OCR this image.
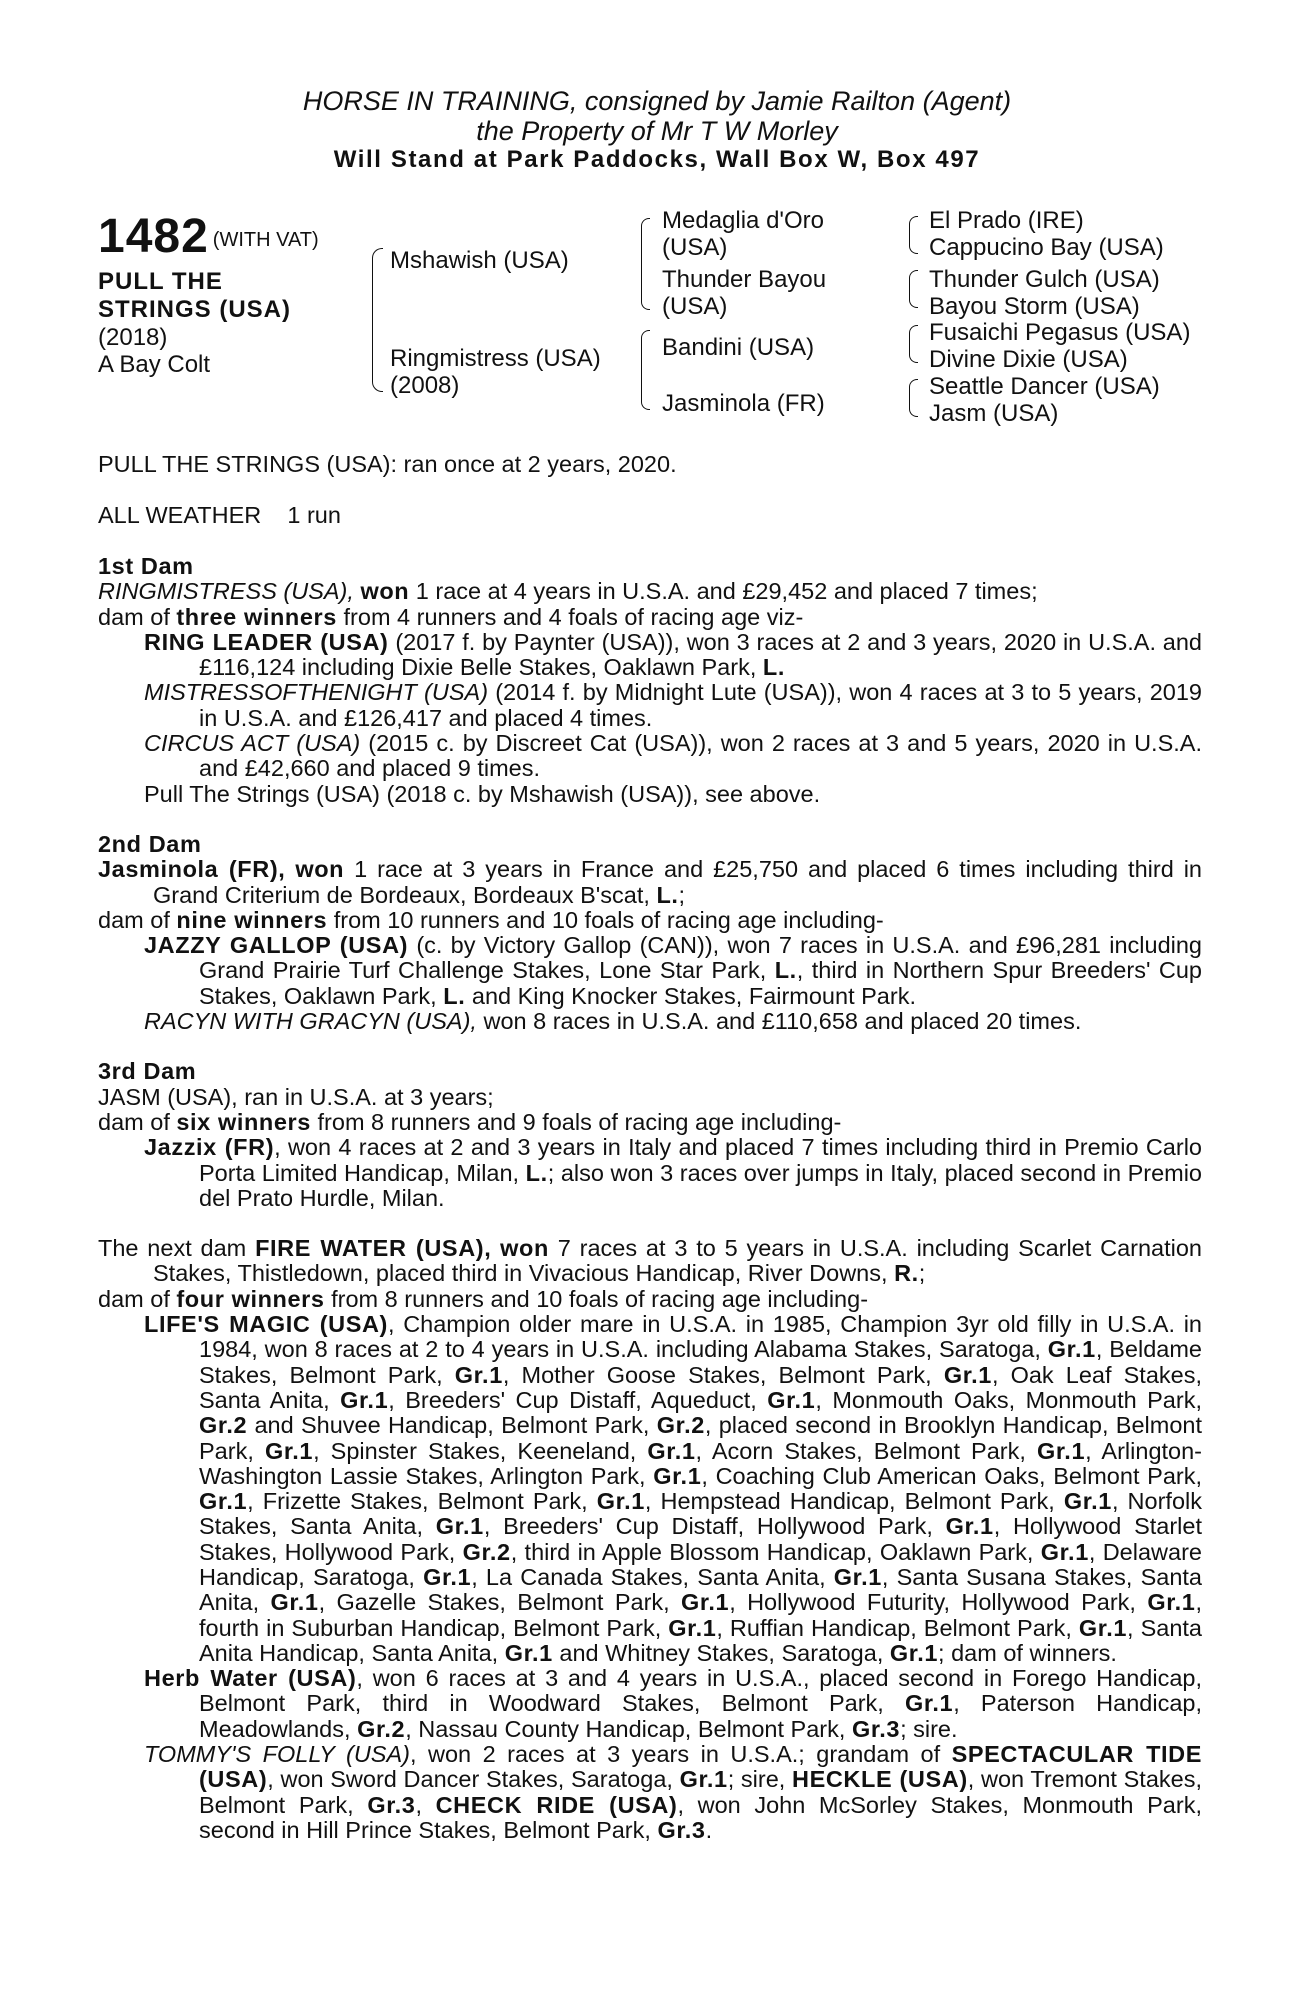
HORSE IN TRAINING, consigned by Jamie Railton (Agent)
the Property of Mr T W Morley
Will Stand at Park Paddocks, Wall Box W, Box 497
1482 $^{(WITH VAT)}$
PULL THE
STRINGS (USA)
(2018)
A Bay Colt
Mshawish (USA)
Ringmistress (USA)
(2008)
Medaglia d'Oro
(USA)
Thunder Bayou
(USA)
Bandini (USA)
Jasminola (FR)
El Prado (IRE)
Cappucino Bay (USA)
Thunder Gulch (USA)
Bayou Storm (USA)
Fusaichi Pegasus (USA)
Divine Dixie (USA)
Seattle Dancer (USA)
Jasm (USA)

PULL THE STRINGS (USA): ran once at 2 years, 2020.

ALL WEATHER 1 run

1st Dam

RINGMISTRESS (USA), won 1 race at 4 years in U.S.A. and £29,452 and placed 7 times;

dam of three winners from 4 runners and 4 foals of racing age viz-

RING LEADER (USA) (2017 f. by Paynter (USA)), won 3 races at 2 and 3 years, 2020 in U.S.A. and £116,124 including Dixie Belle Stakes, Oaklawn Park, L.

MISTRESSOFTHENIGHT (USA) (2014 f. by Midnight Lute (USA)), won 4 races at 3 to 5 years, 2019 in U.S.A. and £126,417 and placed 4 times.

CIRCUS ACT (USA) (2015 c. by Discreet Cat (USA)), won 2 races at 3 and 5 years, 2020 in U.S.A. and £42,660 and placed 9 times.

Pull The Strings (USA) (2018 c. by Mshawish (USA)), see above.

2nd Dam

Jasminola (FR), won 1 race at 3 years in France and £25,750 and placed 6 times including third in Grand Criterium de Bordeaux, Bordeaux B'scat, L.;

dam of nine winners from 10 runners and 10 foals of racing age including-

JAZZY GALLOP (USA) (c. by Victory Gallop (CAN)), won 7 races in U.S.A. and £96,281 including Grand Prairie Turf Challenge Stakes, Lone Star Park, L., third in Northern Spur Breeders' Cup Stakes, Oaklawn Park, L. and King Knocker Stakes, Fairmount Park.

RACYN WITH GRACYN (USA), won 8 races in U.S.A. and £110,658 and placed 20 times.

3rd Dam

JASM (USA), ran in U.S.A. at 3 years;

dam of six winners from 8 runners and 9 foals of racing age including-

Jazzix (FR), won 4 races at 2 and 3 years in Italy and placed 7 times including third in Premio Carlo Porta Limited Handicap, Milan, L.; also won 3 races over jumps in Italy, placed second in Premio del Prato Hurdle, Milan.

The next dam FIRE WATER (USA), won 7 races at 3 to 5 years in U.S.A. including Scarlet Carnation Stakes, Thistledown, placed third in Vivacious Handicap, River Downs, R.;

dam of four winners from 8 runners and 10 foals of racing age including-

LIFE'S MAGIC (USA), Champion older mare in U.S.A. in 1985, Champion 3yr old filly in U.S.A. in 1984, won 8 races at 2 to 4 years in U.S.A. including Alabama Stakes, Saratoga, Gr.1, Beldame Stakes, Belmont Park, Gr.1, Mother Goose Stakes, Belmont Park, Gr.1, Oak Leaf Stakes, Santa Anita, Gr.1, Breeders' Cup Distaff, Aqueduct, Gr.1, Monmouth Oaks, Monmouth Park, Gr.2 and Shuvee Handicap, Belmont Park, Gr.2, placed second in Brooklyn Handicap, Belmont Park, Gr.1, Spinster Stakes, Keeneland, Gr.1, Acorn Stakes, Belmont Park, Gr.1, Arlington-Washington Lassie Stakes, Arlington Park, Gr.1, Coaching Club American Oaks, Belmont Park, Gr.1, Frizette Stakes, Belmont Park, Gr.1, Hempstead Handicap, Belmont Park, Gr.1, Norfolk Stakes, Santa Anita, Gr.1, Breeders' Cup Distaff, Hollywood Park, Gr.1, Hollywood Starlet Stakes, Hollywood Park, Gr.2, third in Apple Blossom Handicap, Oaklawn Park, Gr.1, Delaware Handicap, Saratoga, Gr.1, La Canada Stakes, Santa Anita, Gr.1, Santa Susana Stakes, Santa Anita, Gr.1, Gazelle Stakes, Belmont Park, Gr.1, Hollywood Futurity, Hollywood Park, Gr.1, fourth in Suburban Handicap, Belmont Park, Gr.1, Ruffian Handicap, Belmont Park, Gr.1, Santa Anita Handicap, Santa Anita, Gr.1 and Whitney Stakes, Saratoga, Gr.1; dam of winners.

Herb Water (USA), won 6 races at 3 and 4 years in U.S.A., placed second in Forego Handicap, Belmont Park, third in Woodward Stakes, Belmont Park, Gr.1, Paterson Handicap, Meadowlands, Gr.2, Nassau County Handicap, Belmont Park, Gr.3; sire.

TOMMY'S FOLLY (USA), won 2 races at 3 years in U.S.A.; grandam of SPECTACULAR TIDE (USA), won Sword Dancer Stakes, Saratoga, Gr.1; sire, HECKLE (USA), won Tremont Stakes, Belmont Park, Gr.3, CHECK RIDE (USA), won John McSorley Stakes, Monmouth Park, second in Hill Prince Stakes, Belmont Park, Gr.3.
